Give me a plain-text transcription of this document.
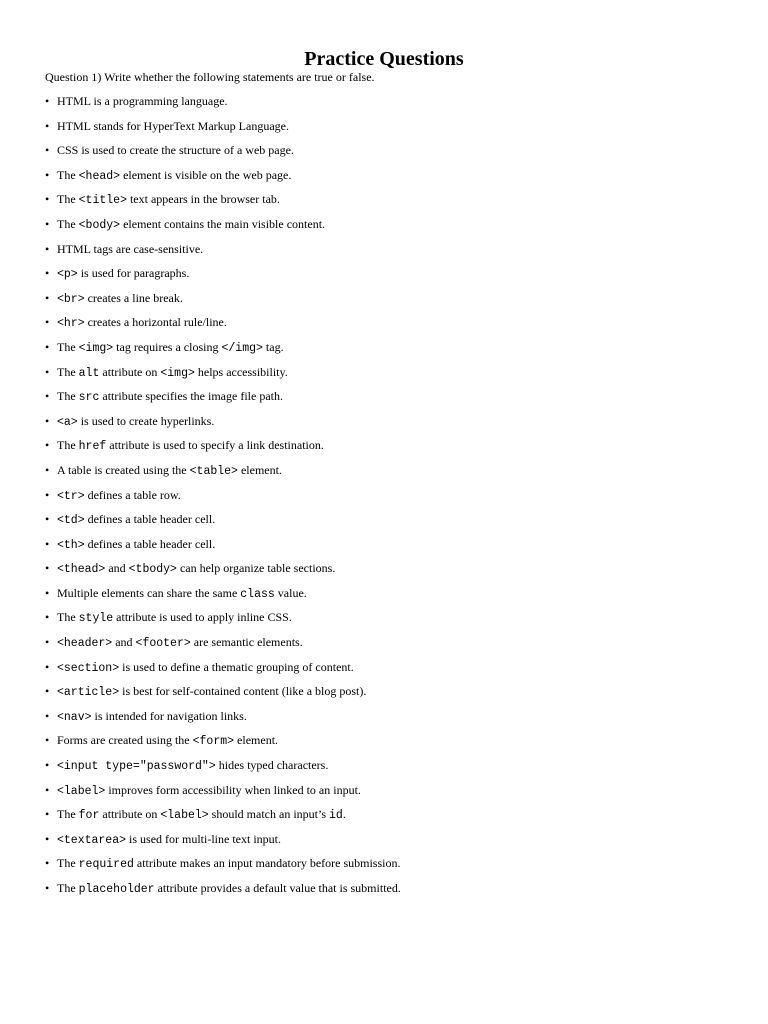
Practice Questions
Question 1) Write whether the following statements are true or false.
• HTML is a programming language.
• HTML stands for HyperText Markup Language.
• CSS is used to create the structure of a web page.
• The <head> element is visible on the web page.
• The <title> text appears in the browser tab.
• The <body> element contains the main visible content.
• HTML tags are case-sensitive.
• <p> is used for paragraphs.
• <br> creates a line break.
• <hr> creates a horizontal rule/line.
• The <img> tag requires a closing </img> tag.
• The alt attribute on <img> helps accessibility.
• The src attribute specifies the image file path.
• <a> is used to create hyperlinks.
• The href attribute is used to specify a link destination.
• A table is created using the <table> element.
• <tr> defines a table row.
• <td> defines a table header cell.
• <th> defines a table header cell.
• <thead> and <tbody> can help organize table sections.
• Multiple elements can share the same class value.
• The style attribute is used to apply inline CSS.
• <header> and <footer> are semantic elements.
• <section> is used to define a thematic grouping of content.
• <article> is best for self-contained content (like a blog post).
• <nav> is intended for navigation links.
• Forms are created using the <form> element.
• <input type="password"> hides typed characters.
• <label> improves form accessibility when linked to an input.
• The for attribute on <label> should match an input’s id.
• <textarea> is used for multi-line text input.
• The required attribute makes an input mandatory before submission.
• The placeholder attribute provides a default value that is submitted.
